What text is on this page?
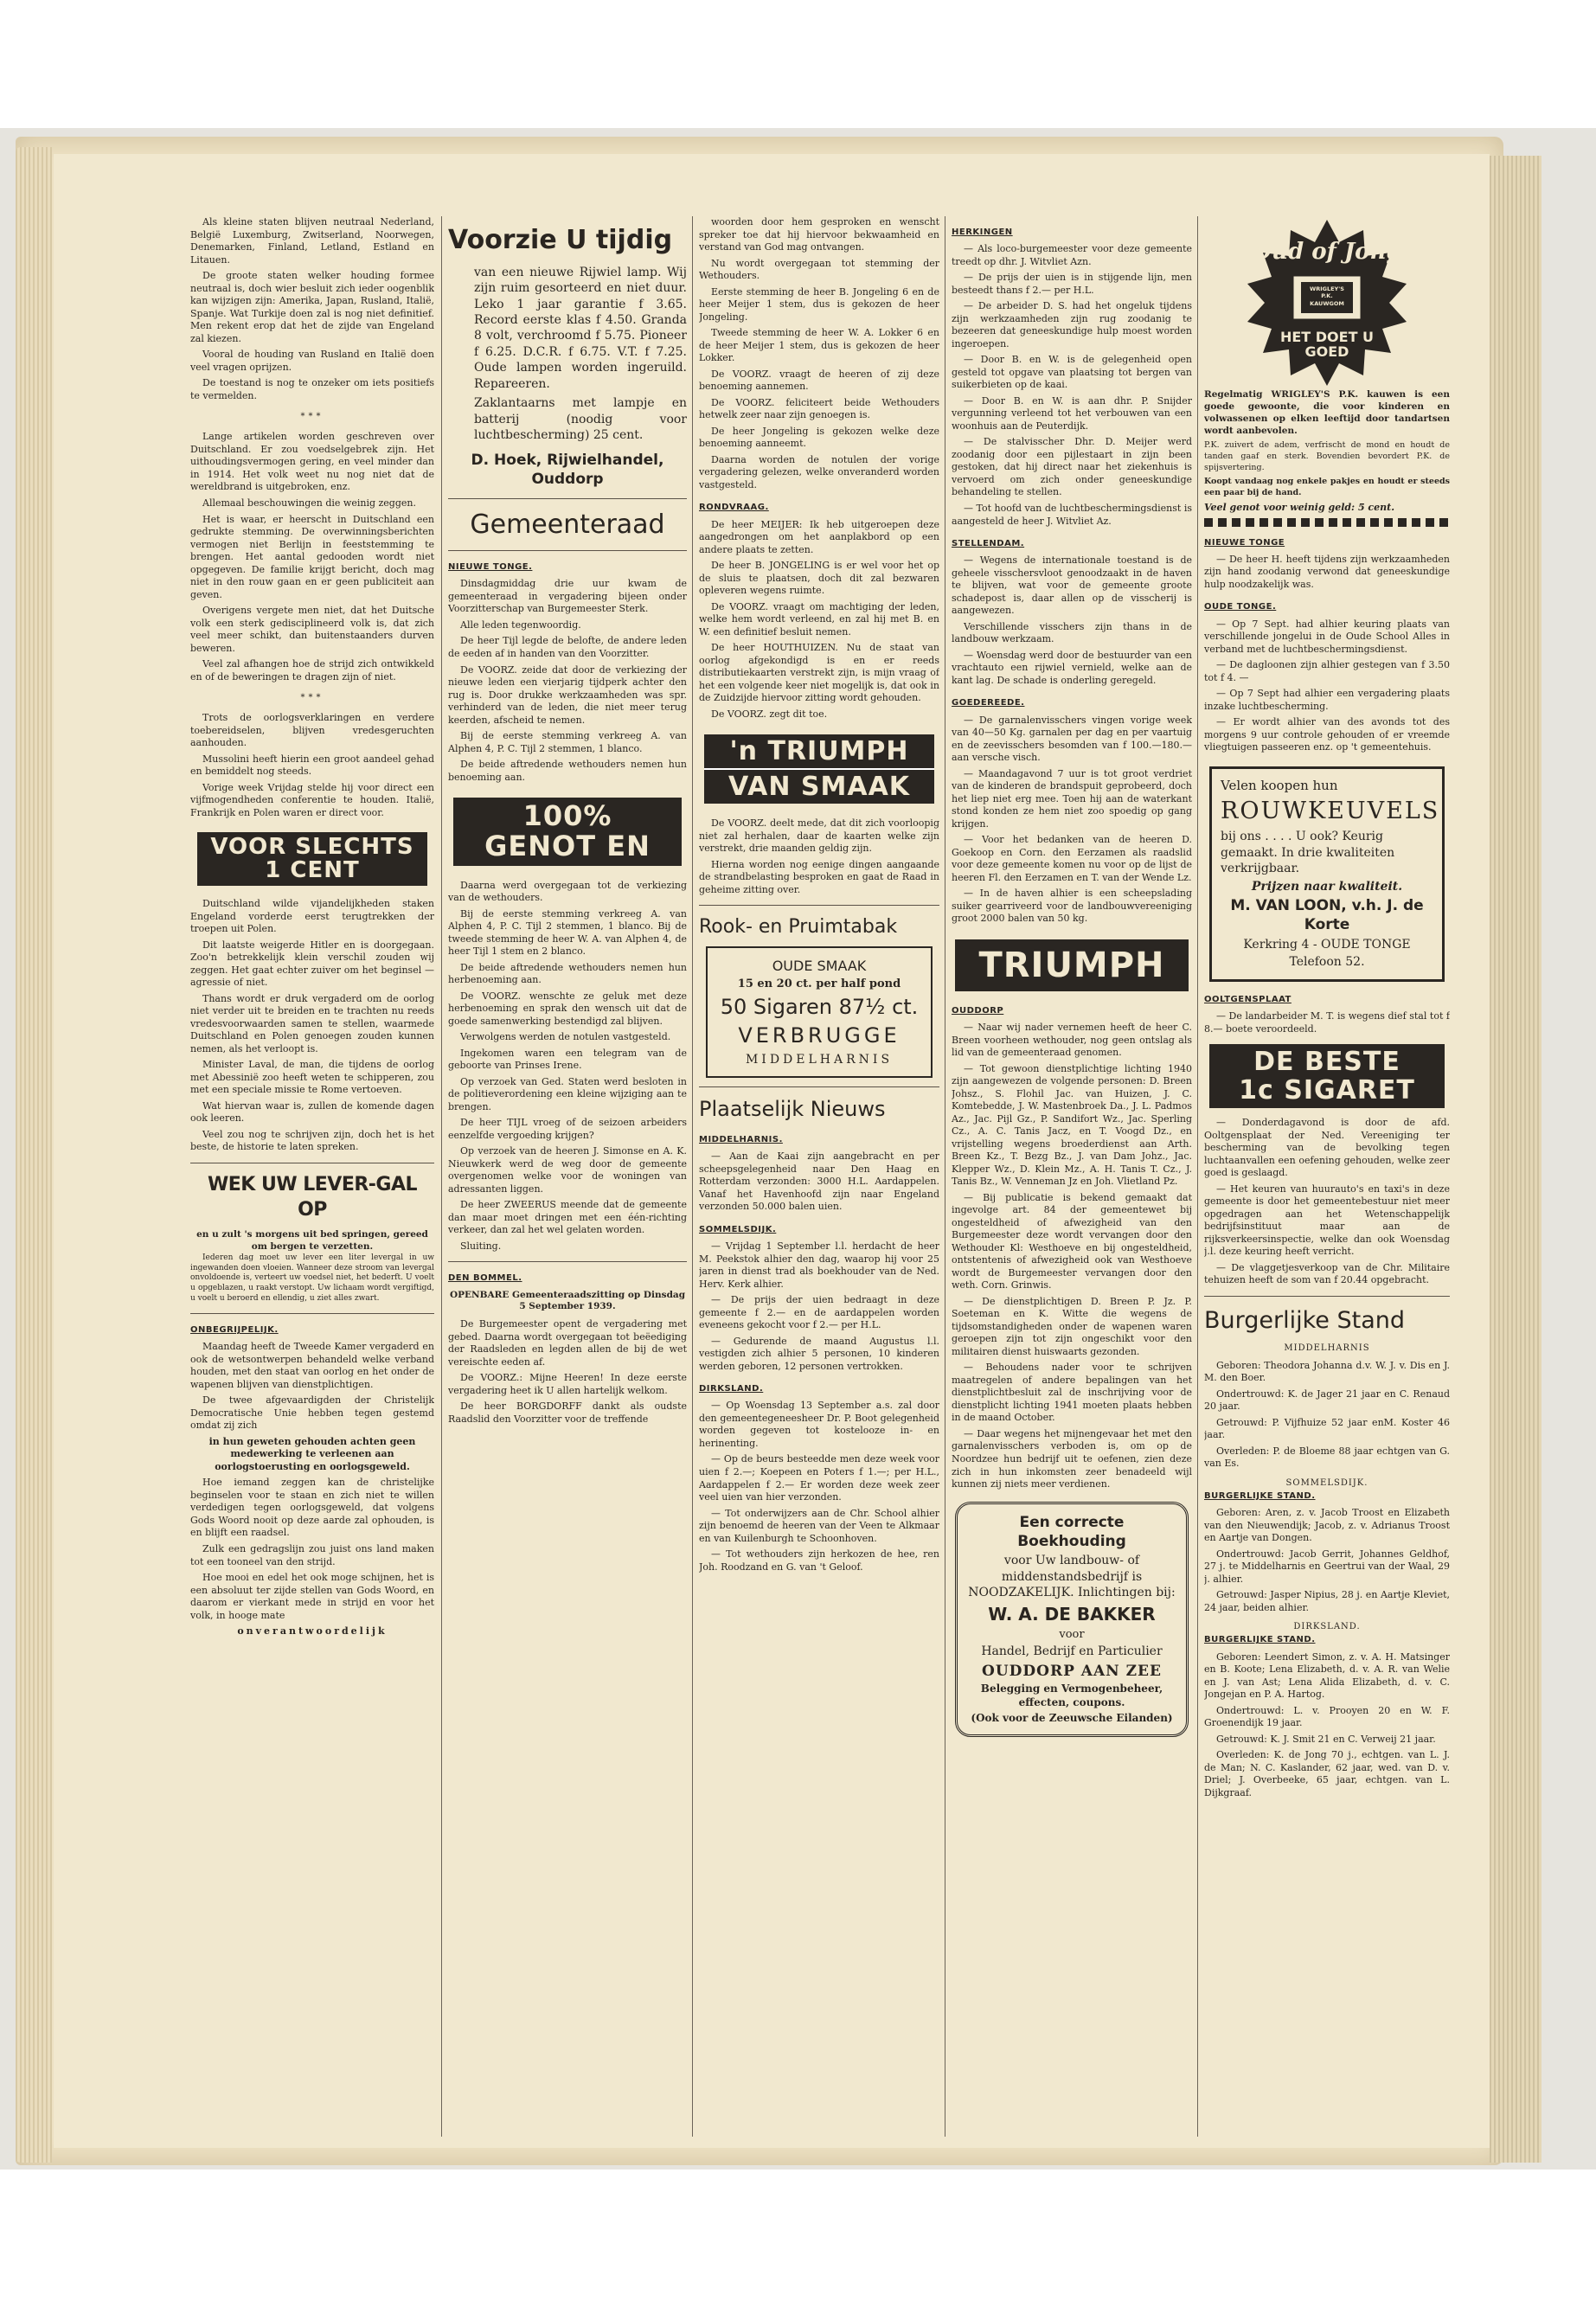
Als kleine staten blijven neutraal Nederland, België Luxemburg, Zwitserland, Noorwegen, Denemarken, Finland, Letland, Estland en Litauen.

De groote staten welker houding formee neutraal is, doch wier besluit zich ieder oogenblik kan wijzigen zijn: Amerika, Japan, Rusland, Italië, Spanje. Wat Turkije doen zal is nog niet definitief. Men rekent erop dat het de zijde van Engeland zal kiezen.

Vooral de houding van Rusland en Italië doen veel vragen oprijzen.

De toestand is nog te onzeker om iets positiefs te vermelden.

***

Lange artikelen worden geschreven over Duitschland. Er zou voedselgebrek zijn. Het uithoudingsvermogen gering, en veel minder dan in 1914. Het volk weet nu nog niet dat de wereldbrand is uitgebroken, enz.

Allemaal beschouwingen die weinig zeggen.

Het is waar, er heerscht in Duitschland een gedrukte stemming. De overwinningsberichten vermogen niet Berlijn in feeststemming te brengen. Het aantal gedooden wordt niet opgegeven. De familie krijgt bericht, doch mag niet in den rouw gaan en er geen publiciteit aan geven.

Overigens vergete men niet, dat het Duitsche volk een sterk gedisciplineerd volk is, dat zich veel meer schikt, dan buitenstaanders durven beweren.

Veel zal afhangen hoe de strijd zich ontwikkeld en of de beweringen te dragen zijn of niet.

***

Trots de oorlogsverklaringen en verdere toebereidselen, blijven vredesgeruchten aanhouden.

Mussolini heeft hierin een groot aandeel gehad en bemiddelt nog steeds.

Vorige week Vrijdag stelde hij voor direct een vijfmogendheden conferentie te houden. Italië, Frankrijk en Polen waren er direct voor.

VOOR SLECHTS
1 CENT

Duitschland wilde vijandelijkheden staken Engeland vorderde eerst terugtrekken der troepen uit Polen.

Dit laatste weigerde Hitler en is doorgegaan. Zoo'n betrekkelijk klein verschil zouden wij zeggen. Het gaat echter zuiver om het beginsel — agressie of niet.

Thans wordt er druk vergaderd om de oorlog niet verder uit te breiden en te trachten nu reeds vredesvoorwaarden samen te stellen, waarmede Duitschland en Polen genoegen zouden kunnen nemen, als het verloopt is.

Minister Laval, de man, die tijdens de oorlog met Abessinië zoo heeft weten te schipperen, zou met een speciale missie te Rome vertoeven.

Wat hiervan waar is, zullen de komende dagen ook leeren.

Veel zou nog te schrijven zijn, doch het is het beste, de historie te laten spreken.

WEK UW LEVER-GAL OP
en u zult 's morgens uit bed springen, gereed om bergen te verzetten.

Iederen dag moet uw lever een liter levergal in uw ingewanden doen vloeien. Wanneer deze stroom van levergal onvoldoende is, verteert uw voedsel niet, het bederft. U voelt u opgeblazen, u raakt verstopt. Uw lichaam wordt vergiftigd, u voelt u beroerd en ellendig, u ziet alles zwart.

ONBEGRIJPELIJK.

Maandag heeft de Tweede Kamer vergaderd en ook de wetsontwerpen behandeld welke verband houden, met den staat van oorlog en het onder de wapenen blijven van dienstplichtigen.

De twee afgevaardigden der Christelijk Democratische Unie hebben tegen gestemd omdat zij zich

in hun geweten gehouden achten geen medewerking te verleenen aan oorlogstoerusting en oorlogsgeweld.

Hoe iemand zeggen kan de christelijke beginselen voor te staan en zich niet te willen verdedigen tegen oorlogsgeweld, dat volgens Gods Woord nooit op deze aarde zal ophouden, is en blijft een raadsel.

Zulk een gedragslijn zou juist ons land maken tot een tooneel van den strijd.

Hoe mooi en edel het ook moge schijnen, het is een absoluut ter zijde stellen van Gods Woord, en daarom er vierkant mede in strijd en voor het volk, in hooge mate

onverantwoordelijk

Voorzie U tijdig

van een nieuwe Rijwiel lamp. Wij zijn ruim gesorteerd en niet duur. Leko 1 jaar garantie f 3.65. Record eerste klas f 4.50. Granda 8 volt, verchroomd f 5.75. Pioneer f 6.25. D.C.R. f 6.75. V.T. f 7.25. Oude lampen worden ingeruild. Repareeren.

Zaklantaarns met lampje en batterij (noodig voor luchtbescherming) 25 cent.

D. Hoek, Rijwielhandel, Ouddorp
Gemeenteraad
NIEUWE TONGE.

Dinsdagmiddag drie uur kwam de gemeenteraad in vergadering bijeen onder Voorzitterschap van Burgemeester Sterk.

Alle leden tegenwoordig.

De heer Tijl legde de belofte, de andere leden de eeden af in handen van den Voorzitter.

De VOORZ. zeide dat door de verkiezing der nieuwe leden een vierjarig tijdperk achter den rug is. Door drukke werkzaamheden was spr. verhinderd van de leden, die niet meer terug keerden, afscheid te nemen.

Bij de eerste stemming verkreeg A. van Alphen 4, P. C. Tijl 2 stemmen, 1 blanco.

De beide aftredende wethouders nemen hun benoeming aan.

100%
GENOT EN

Daarna werd overgegaan tot de verkiezing van de wethouders.

Bij de eerste stemming verkreeg A. van Alphen 4, P. C. Tijl 2 stemmen, 1 blanco. Bij de tweede stemming de heer W. A. van Alphen 4, de heer Tijl 1 stem en 2 blanco.

De beide aftredende wethouders nemen hun herbenoeming aan.

De VOORZ. wenschte ze geluk met deze herbenoeming en sprak den wensch uit dat de goede samenwerking bestendigd zal blijven.

Verwolgens werden de notulen vastgesteld.

Ingekomen waren een telegram van de geboorte van Prinses Irene.

Op verzoek van Ged. Staten werd besloten in de politieverordening een kleine wijziging aan te brengen.

De heer TIJL vroeg of de seizoen arbeiders eenzelfde vergoeding krijgen?

Op verzoek van de heeren J. Simonse en A. K. Nieuwkerk werd de weg door de gemeente overgenomen welke voor de woningen van adressanten liggen.

De heer ZWEERUS meende dat de gemeente dan maar moet dringen met een één-richting verkeer, dan zal het wel gelaten worden.

Sluiting.

DEN BOMMEL.
OPENBARE Gemeenteraadszitting op Dinsdag 5 September 1939.

De Burgemeester opent de vergadering met gebed. Daarna wordt overgegaan tot beëediging der Raadsleden en legden allen de bij de wet vereischte eeden af.

De VOORZ.: Mijne Heeren! In deze eerste vergadering heet ik U allen hartelijk welkom.

De heer BORGDORFF dankt als oudste Raadslid den Voorzitter voor de treffende

woorden door hem gesproken en wenscht spreker toe dat hij hiervoor bekwaamheid en verstand van God mag ontvangen.

Nu wordt overgegaan tot stemming der Wethouders.

Eerste stemming de heer B. Jongeling 6 en de heer Meijer 1 stem, dus is gekozen de heer Jongeling.

Tweede stemming de heer W. A. Lokker 6 en de heer Meijer 1 stem, dus is gekozen de heer Lokker.

De VOORZ. vraagt de heeren of zij deze benoeming aannemen.

De VOORZ. feliciteert beide Wethouders hetwelk zeer naar zijn genoegen is.

De heer Jongeling is gekozen welke deze benoeming aanneemt.

Daarna worden de notulen der vorige vergadering gelezen, welke onveranderd worden vastgesteld.

RONDVRAAG.

De heer MEIJER: Ik heb uitgeroepen deze aangedrongen om het aanplakbord op een andere plaats te zetten.

De heer B. JONGELING is er wel voor het op de sluis te plaatsen, doch dit zal bezwaren opleveren wegens ruimte.

De VOORZ. vraagt om machtiging der leden, welke hem wordt verleend, en zal hij met B. en W. een definitief besluit nemen.

De heer HOUTHUIZEN. Nu de staat van oorlog afgekondigd is en er reeds distributiekaarten verstrekt zijn, is mijn vraag of het een volgende keer niet mogelijk is, dat ook in de Zuidzijde hiervoor zitting wordt gehouden.

De VOORZ. zegt dit toe.

'n TRIUMPH
VAN SMAAK

De VOORZ. deelt mede, dat dit zich voorloopig niet zal herhalen, daar de kaarten welke zijn verstrekt, drie maanden geldig zijn.

Hierna worden nog eenige dingen aangaande de strandbelasting besproken en gaat de Raad in geheime zitting over.

Rook- en Pruimtabak
OUDE SMAAK
15 en 20 ct. per half pond
50 Sigaren 87½ ct.
VERBRUGGE
MIDDELHARNIS
Plaatselijk Nieuws
MIDDELHARNIS.

— Aan de Kaai zijn aangebracht en per scheepsgelegenheid naar Den Haag en Rotterdam verzonden: 3000 H.L. Aardappelen. Vanaf het Havenhoofd zijn naar Engeland verzonden 50.000 balen uien.

SOMMELSDIJK.

— Vrijdag 1 September l.l. herdacht de heer M. Peekstok alhier den dag, waarop hij voor 25 jaren in dienst trad als boekhouder van de Ned. Herv. Kerk alhier.

— De prijs der uien bedraagt in deze gemeente f 2.— en de aardappelen worden eveneens gekocht voor f 2.— per H.L.

— Gedurende de maand Augustus l.l. vestigden zich alhier 5 personen, 10 kinderen werden geboren, 12 personen vertrokken.

DIRKSLAND.

— Op Woensdag 13 September a.s. zal door den gemeentegeneesheer Dr. P. Boot gelegenheid worden gegeven tot kostelooze in- en herinenting.

— Op de beurs besteedde men deze week voor uien f 2.—; Koepeen en Poters f 1.—; per H.L., Aardappelen f 2.— Er worden deze week zeer veel uien van hier verzonden.

— Tot onderwijzers aan de Chr. School alhier zijn benoemd de heeren van der Veen te Alkmaar en van Kuilenburgh te Schoonhoven.

— Tot wethouders zijn herkozen de hee, ren Joh. Roodzand en G. van 't Geloof.

HERKINGEN

— Als loco-burgemeester voor deze gemeente treedt op dhr. J. Witvliet Azn.

— De prijs der uien is in stijgende lijn, men besteedt thans f 2.— per H.L.

— De arbeider D. S. had het ongeluk tijdens zijn werkzaamheden zijn rug zoodanig te bezeeren dat geneeskundige hulp moest worden ingeroepen.

— Door B. en W. is de gelegenheid open gesteld tot opgave van plaatsing tot bergen van suikerbieten op de kaai.

— Door B. en W. is aan dhr. P. Snijder vergunning verleend tot het verbouwen van een woonhuis aan de Peuterdijk.

— De stalvisscher Dhr. D. Meijer werd zoodanig door een pijlestaart in zijn been gestoken, dat hij direct naar het ziekenhuis is vervoerd om zich onder geneeskundige behandeling te stellen.

— Tot hoofd van de luchtbeschermingsdienst is aangesteld de heer J. Witvliet Az.

STELLENDAM.

— Wegens de internationale toestand is de geheele visschersvloot genoodzaakt in de haven te blijven, wat voor de gemeente groote schadepost is, daar allen op de visscherij is aangewezen.

Verschillende visschers zijn thans in de landbouw werkzaam.

— Woensdag werd door de bestuurder van een vrachtauto een rijwiel vernield, welke aan de kant lag. De schade is onderling geregeld.

GOEDEREEDE.

— De garnalenvisschers vingen vorige week van 40—50 Kg. garnalen per dag en per vaartuig en de zeevisschers besomden van f 100.—180.— aan versche visch.

— Maandagavond 7 uur is tot groot verdriet van de kinderen de brandspuit geprobeerd, doch het liep niet erg mee. Toen hij aan de waterkant stond konden ze hem niet zoo spoedig op gang krijgen.

— Voor het bedanken van de heeren D. Goekoop en Corn. den Eerzamen als raadslid voor deze gemeente komen nu voor op de lijst de heeren Fl. den Eerzamen en T. van der Wende Lz.

— In de haven alhier is een scheepslading suiker gearriveerd voor de landbouwvereeniging groot 2000 balen van 50 kg.

TRIUMPH
OUDDORP

— Naar wij nader vernemen heeft de heer C. Breen voorheen wethouder, nog geen ontslag als lid van de gemeenteraad genomen.

— Tot gewoon dienstplichtige lichting 1940 zijn aangewezen de volgende personen: D. Breen Johsz., S. Flohil Jac. van Huizen, J. C. Komtebedde, J. W. Mastenbroek Da., J. L. Padmos Az., Jac. Pijl Gz., P. Sandifort Wz., Jac. Sperling Cz., A. C. Tanis Jacz, en T. Voogd Dz., en vrijstelling wegens broederdienst aan Arth. Breen Kz., T. Bezg Bz., J. van Dam Johz., Jac. Klepper Wz., D. Klein Mz., A. H. Tanis T. Cz., J. Tanis Bz., W. Venneman Jz en Joh. Vlietland Pz.

— Bij publicatie is bekend gemaakt dat ingevolge art. 84 der gemeentewet bij ongesteldheid of afwezigheid van den Burgemeester deze wordt vervangen door den Wethouder Kl: Westhoeve en bij ongesteldheid, ontstentenis of afwezigheid ook van Westhoeve wordt de Burgemeester vervangen door den weth. Corn. Grinwis.

— De dienstplichtigen D. Breen P. Jz. P. Soeteman en K. Witte die wegens de tijdsomstandigheden onder de wapenen waren geroepen zijn tot zijn ongeschikt voor den militairen dienst huiswaarts gezonden.

— Behoudens nader voor te schrijven maatregelen of andere bepalingen van het dienstplichtbesluit zal de inschrijving voor de dienstplicht lichting 1941 moeten plaats hebben in de maand October.

— Daar wegens het mijnengevaar het met den garnalenvisschers verboden is, om op de Noordzee hun bedrijf uit te oefenen, zien deze zich in hun inkomsten zeer benadeeld wijl kunnen zij niets meer verdienen.

Een correcte Boekhouding
voor Uw landbouw- of middenstandsbedrijf is NOODZAKELIJK. Inlichtingen bij:
W. A. DE BAKKER
voor
Handel, Bedrijf en Particulier
OUDDORP AAN ZEE
Belegging en Vermogenbeheer, effecten, coupons.
(Ook voor de Zeeuwsche Eilanden)
Oud of Jong
WRIGLEY'S P.K. KAUWGOM
HET DOET U GOED

Regelmatig WRIGLEY'S P.K. kauwen is een goede gewoonte, die voor kinderen en volwassenen op elken leeftijd door tandartsen wordt aanbevolen.

P.K. zuivert de adem, verfrischt de mond en houdt de tanden gaaf en sterk. Bovendien bevordert P.K. de spijsvertering.

Koopt vandaag nog enkele pakjes en houdt er steeds een paar bij de hand.

Veel genot voor weinig geld: 5 cent.

NIEUWE TONGE

— De heer H. heeft tijdens zijn werkzaamheden zijn hand zoodanig verwond dat geneeskundige hulp noodzakelijk was.

OUDE TONGE.

— Op 7 Sept. had alhier keuring plaats van verschillende jongelui in de Oude School Alles in verband met de luchtbeschermingsdienst.

— De dagloonen zijn alhier gestegen van f 3.50 tot f 4. —

— Op 7 Sept had alhier een vergadering plaats inzake luchtbescherming.

— Er wordt alhier van des avonds tot des morgens 9 uur controle gehouden of er vreemde vliegtuigen passeeren enz. op 't gemeentehuis.

Velen koopen hun
ROUWKEUVELS
bij ons . . . . U ook? Keurig gemaakt. In drie kwaliteiten verkrijgbaar.
Prijzen naar kwaliteit.
M. VAN LOON, v.h. J. de Korte
Kerkring 4 - OUDE TONGE
Telefoon 52.
OOLTGENSPLAAT

— De landarbeider M. T. is wegens dief stal tot f 8.— boete veroordeeld.

DE BESTE
1c SIGARET

— Donderdagavond is door de afd. Ooltgensplaat der Ned. Vereeniging ter bescherming van de bevolking tegen luchtaanvallen een oefening gehouden, welke zeer goed is geslaagd.

— Het keuren van huurauto's en taxi's in deze gemeente is door het gemeentebestuur niet meer opgedragen aan het Wetenschappelijk bedrijfsinstituut maar aan de rijksverkeersinspectie, welke dan ook Woensdag j.l. deze keuring heeft verricht.

— De vlaggetjesverkoop van de Chr. Militaire tehuizen heeft de som van f 20.44 opgebracht.

Burgerlijke Stand
MIDDELHARNIS

Geboren: Theodora Johanna d.v. W. J. v. Dis en J. M. den Boer.

Ondertrouwd: K. de Jager 21 jaar en C. Renaud 20 jaar.

Getrouwd: P. Vijfhuize 52 jaar enM. Koster 46 jaar.

Overleden: P. de Bloeme 88 jaar echtgen van G. van Es.

SOMMELSDIJK.
BURGERLIJKE STAND.

Geboren: Aren, z. v. Jacob Troost en Elizabeth van den Nieuwendijk; Jacob, z. v. Adrianus Troost en Aartje van Dongen.

Ondertrouwd: Jacob Gerrit, Johannes Geldhof, 27 j. te Middelharnis en Geertrui van der Waal, 29 j. alhier.

Getrouwd: Jasper Nipius, 28 j. en Aartje Kleviet, 24 jaar, beiden alhier.

DIRKSLAND.
BURGERLIJKE STAND.

Geboren: Leendert Simon, z. v. A. H. Matsinger en B. Koote; Lena Elizabeth, d. v. A. R. van Welie en J. van Ast; Lena Alida Elizabeth, d. v. C. Jongejan en P. A. Hartog.

Ondertrouwd: L. v. Prooyen 20 en W. F. Groenendijk 19 jaar.

Getrouwd: K. J. Smit 21 en C. Verweij 21 jaar.

Overleden: K. de Jong 70 j., echtgen. van L. J. de Man; N. C. Kaslander, 62 jaar, wed. van D. v. Driel; J. Overbeeke, 65 jaar, echtgen. van L. Dijkgraaf.
